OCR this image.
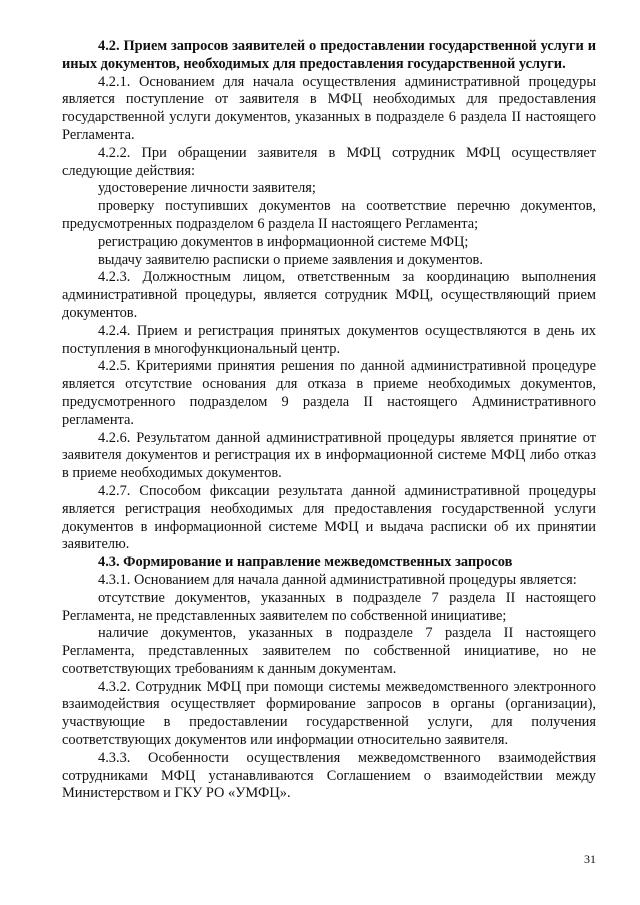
4.2. Прием запросов заявителей о предоставлении государственной услуги и иных документов, необходимых для предоставления государственной услуги.

4.2.1. Основанием для начала осуществления административной процедуры является поступление от заявителя в МФЦ необходимых для предоставления государственной услуги документов, указанных в подразделе 6 раздела II настоящего Регламента.

4.2.2. При обращении заявителя в МФЦ сотрудник МФЦ осуществляет следующие действия:

удостоверение личности заявителя;

проверку поступивших документов на соответствие перечню документов, предусмотренных подразделом 6 раздела II настоящего Регламента;

регистрацию документов в информационной системе МФЦ;

выдачу заявителю расписки о приеме заявления и документов.

4.2.3. Должностным лицом, ответственным за координацию выполнения административной процедуры, является сотрудник МФЦ, осуществляющий прием документов.

4.2.4. Прием и регистрация принятых документов осуществляются в день их поступления в многофункциональный центр.

4.2.5. Критериями принятия решения по данной административной процедуре является отсутствие основания для отказа в приеме необходимых документов, предусмотренного подразделом 9 раздела II настоящего Административного регламента.

4.2.6. Результатом данной административной процедуры является принятие от заявителя документов и регистрация их в информационной системе МФЦ либо отказ в приеме необходимых документов.

4.2.7. Способом фиксации результата данной административной процедуры является регистрация необходимых для предоставления государственной услуги документов в информационной системе МФЦ и выдача расписки об их принятии заявителю.

4.3. Формирование и направление межведомственных запросов

4.3.1. Основанием для начала данной административной процедуры является:

отсутствие документов, указанных в подразделе 7 раздела II настоящего Регламента, не представленных заявителем по собственной инициативе;

наличие документов, указанных в подразделе 7 раздела II настоящего Регламента, представленных заявителем по собственной инициативе, но не соответствующих требованиям к данным документам.

4.3.2. Сотрудник МФЦ при помощи системы межведомственного электронного взаимодействия осуществляет формирование запросов в органы (организации), участвующие в предоставлении государственной услуги, для получения соответствующих документов или информации относительно заявителя.

4.3.3. Особенности осуществления межведомственного взаимодействия сотрудниками МФЦ устанавливаются Соглашением о взаимодействии между Министерством и ГКУ РО «УМФЦ».

31
